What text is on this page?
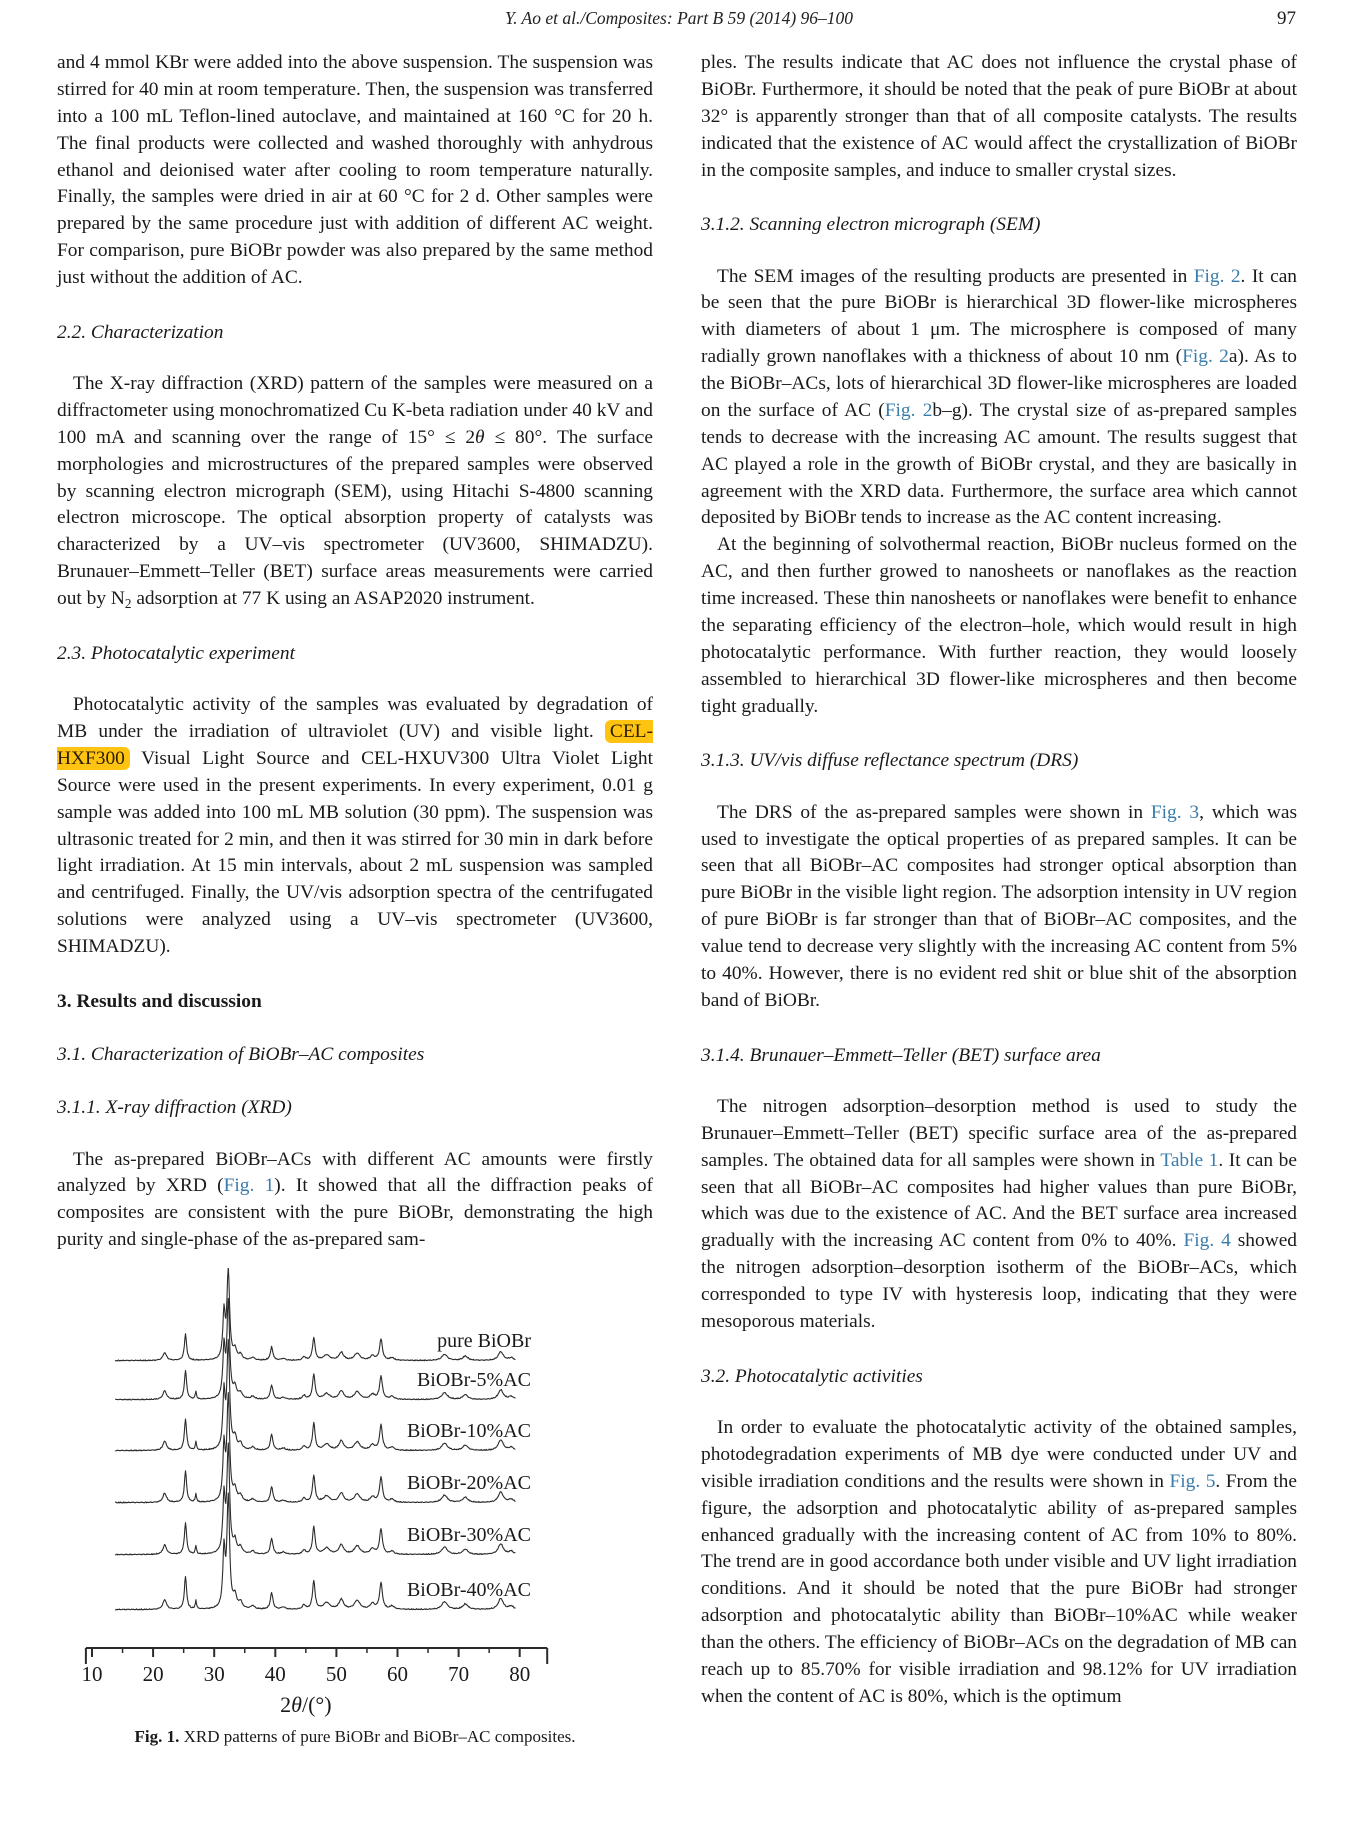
Y. Ao et al./Composites: Part B 59 (2014) 96–100	97

and 4 mmol KBr were added into the above suspension. The suspension was stirred for 40 min at room temperature. Then, the suspension was transferred into a 100 mL Teflon-lined autoclave, and maintained at 160 °C for 20 h. The final products were collected and washed thoroughly with anhydrous ethanol and deionised water after cooling to room temperature naturally. Finally, the samples were dried in air at 60 °C for 2 d. Other samples were prepared by the same procedure just with addition of different AC weight. For comparison, pure BiOBr powder was also prepared by the same method just without the addition of AC.

2.2. Characterization

The X-ray diffraction (XRD) pattern of the samples were measured on a diffractometer using monochromatized Cu K-beta radiation under 40 kV and 100 mA and scanning over the range of 15° ≤ 2θ ≤ 80°. The surface morphologies and microstructures of the prepared samples were observed by scanning electron micrograph (SEM), using Hitachi S-4800 scanning electron microscope. The optical absorption property of catalysts was characterized by a UV–vis spectrometer (UV3600, SHIMADZU). Brunauer–Emmett–Teller (BET) surface areas measurements were carried out by $N_2$ adsorption at 77 K using an ASAP2020 instrument.

2.3. Photocatalytic experiment

Photocatalytic activity of the samples was evaluated by degradation of MB under the irradiation of ultraviolet (UV) and visible light. CEL-HXF300 Visual Light Source and CEL-HXUV300 Ultra Violet Light Source were used in the present experiments. In every experiment, 0.01 g sample was added into 100 mL MB solution (30 ppm). The suspension was ultrasonic treated for 2 min, and then it was stirred for 30 min in dark before light irradiation. At 15 min intervals, about 2 mL suspension was sampled and centrifuged. Finally, the UV/vis adsorption spectra of the centrifugated solutions were analyzed using a UV–vis spectrometer (UV3600, SHIMADZU).

3. Results and discussion
3.1. Characterization of BiOBr–AC composites
3.1.1. X-ray diffraction (XRD)

The as-prepared BiOBr–ACs with different AC amounts were firstly analyzed by XRD (Fig. 1). It showed that all the diffraction peaks of composites are consistent with the pure BiOBr, demonstrating the high purity and single-phase of the as-prepared sam-

10 20 30 40 50 60 70 80
2θ/(°)
pure BiOBr
BiOBr-5%AC
BiOBr-10%AC
BiOBr-20%AC
BiOBr-30%AC
BiOBr-40%AC
Fig. 1. XRD patterns of pure BiOBr and BiOBr–AC composites.

ples. The results indicate that AC does not influence the crystal phase of BiOBr. Furthermore, it should be noted that the peak of pure BiOBr at about 32° is apparently stronger than that of all composite catalysts. The results indicated that the existence of AC would affect the crystallization of BiOBr in the composite samples, and induce to smaller crystal sizes.

3.1.2. Scanning electron micrograph (SEM)

The SEM images of the resulting products are presented in Fig. 2. It can be seen that the pure BiOBr is hierarchical 3D flower-like microspheres with diameters of about 1 μm. The microsphere is composed of many radially grown nanoflakes with a thickness of about 10 nm (Fig. 2a). As to the BiOBr–ACs, lots of hierarchical 3D flower-like microspheres are loaded on the surface of AC (Fig. 2b–g). The crystal size of as-prepared samples tends to decrease with the increasing AC amount. The results suggest that AC played a role in the growth of BiOBr crystal, and they are basically in agreement with the XRD data. Furthermore, the surface area which cannot deposited by BiOBr tends to increase as the AC content increasing.

At the beginning of solvothermal reaction, BiOBr nucleus formed on the AC, and then further growed to nanosheets or nanoflakes as the reaction time increased. These thin nanosheets or nanoflakes were benefit to enhance the separating efficiency of the electron–hole, which would result in high photocatalytic performance. With further reaction, they would loosely assembled to hierarchical 3D flower-like microspheres and then become tight gradually.

3.1.3. UV/vis diffuse reflectance spectrum (DRS)

The DRS of the as-prepared samples were shown in Fig. 3, which was used to investigate the optical properties of as prepared samples. It can be seen that all BiOBr–AC composites had stronger optical absorption than pure BiOBr in the visible light region. The adsorption intensity in UV region of pure BiOBr is far stronger than that of BiOBr–AC composites, and the value tend to decrease very slightly with the increasing AC content from 5% to 40%. However, there is no evident red shit or blue shit of the absorption band of BiOBr.

3.1.4. Brunauer–Emmett–Teller (BET) surface area

The nitrogen adsorption–desorption method is used to study the Brunauer–Emmett–Teller (BET) specific surface area of the as-prepared samples. The obtained data for all samples were shown in Table 1. It can be seen that all BiOBr–AC composites had higher values than pure BiOBr, which was due to the existence of AC. And the BET surface area increased gradually with the increasing AC content from 0% to 40%. Fig. 4 showed the nitrogen adsorption–desorption isotherm of the BiOBr–ACs, which corresponded to type IV with hysteresis loop, indicating that they were mesoporous materials.

3.2. Photocatalytic activities

In order to evaluate the photocatalytic activity of the obtained samples, photodegradation experiments of MB dye were conducted under UV and visible irradiation conditions and the results were shown in Fig. 5. From the figure, the adsorption and photocatalytic ability of as-prepared samples enhanced gradually with the increasing content of AC from 10% to 80%. The trend are in good accordance both under visible and UV light irradiation conditions. And it should be noted that the pure BiOBr had stronger adsorption and photocatalytic ability than BiOBr–10%AC while weaker than the others. The efficiency of BiOBr–ACs on the degradation of MB can reach up to 85.70% for visible irradiation and 98.12% for UV irradiation when the content of AC is 80%, which is the optimum
